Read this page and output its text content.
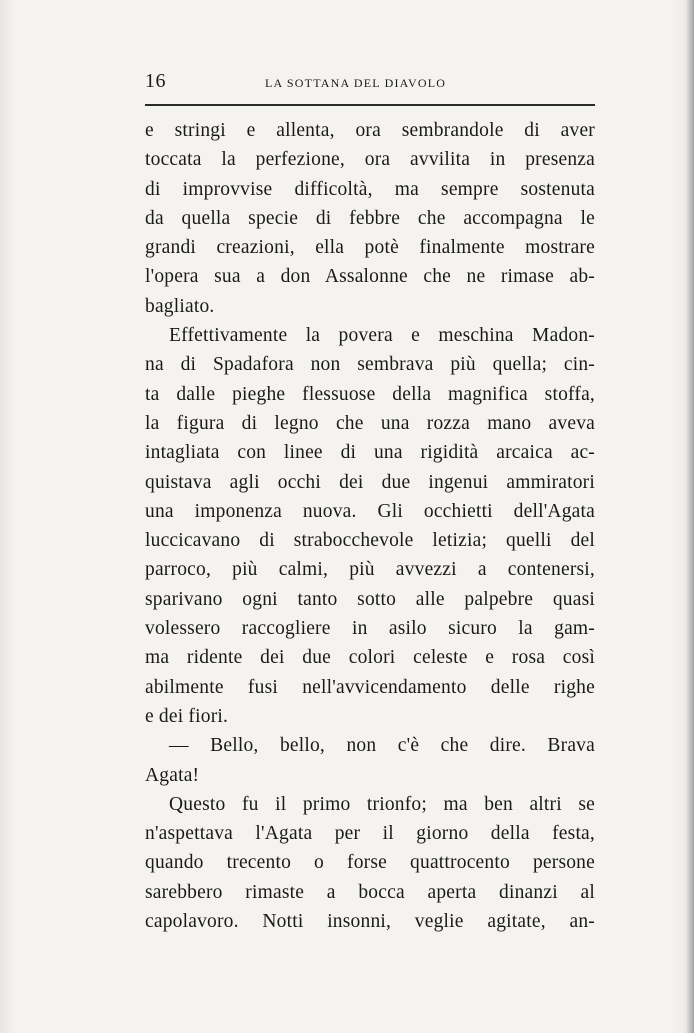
16	LA SOTTANA DEL DIAVOLO
e stringi e allenta, ora sembrandole di aver
toccata la perfezione, ora avvilita in presenza
di improvvise difficoltà, ma sempre sostenuta
da quella specie di febbre che accompagna le
grandi creazioni, ella potè finalmente mostrare
l'opera sua a don Assalonne che ne rimase ab-
bagliato.
Effettivamente la povera e meschina Madon-
na di Spadafora non sembrava più quella; cin-
ta dalle pieghe flessuose della magnifica stoffa,
la figura di legno che una rozza mano aveva
intagliata con linee di una rigidità arcaica ac-
quistava agli occhi dei due ingenui ammiratori
una imponenza nuova. Gli occhietti dell'Agata
luccicavano di strabocchevole letizia; quelli del
parroco, più calmi, più avvezzi a contenersi,
sparivano ogni tanto sotto alle palpebre quasi
volessero raccogliere in asilo sicuro la gam-
ma ridente dei due colori celeste e rosa così
abilmente fusi nell'avvicendamento delle righe
e dei fiori.
— Bello, bello, non c'è che dire. Brava
Agata!
Questo fu il primo trionfo; ma ben altri se
n'aspettava l'Agata per il giorno della festa,
quando trecento o forse quattrocento persone
sarebbero rimaste a bocca aperta dinanzi al
capolavoro. Notti insonni, veglie agitate, an-
